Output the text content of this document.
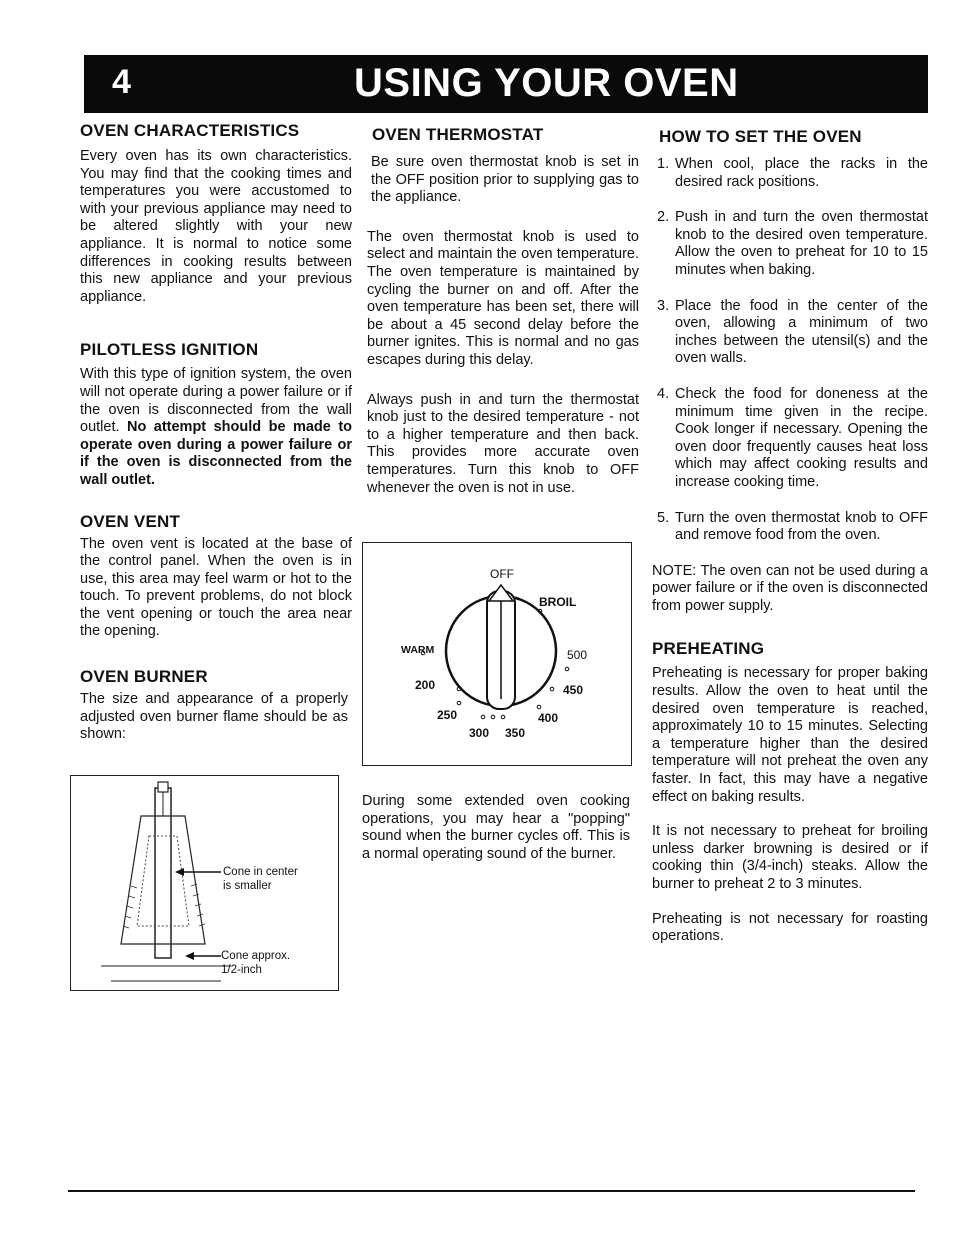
4	USING YOUR OVEN
OVEN CHARACTERISTICS

Every oven has its own characteristics. You may find that the cooking times and temperatures you were accustomed to with your previous appliance may need to be altered slightly with your new appliance. It is normal to notice some differences in cooking results between this new appliance and your previous appliance.

PILOTLESS IGNITION

With this type of ignition system, the oven will not operate during a power failure or if the oven is disconnected from the wall outlet. No attempt should be made to operate oven during a power failure or if the oven is disconnected from the wall outlet.

OVEN VENT

The oven vent is located at the base of the control panel. When the oven is in use, this area may feel warm or hot to the touch. To prevent problems, do not block the vent opening or touch the area near the opening.

OVEN BURNER

The size and appearance of a properly adjusted oven burner flame should be as shown:

Cone in center
is smaller
Cone approx.
1/2-inch
OVEN THERMOSTAT

Be sure oven thermostat knob is set in the OFF position prior to supplying gas to the appliance.

The oven thermostat knob is used to select and maintain the oven temperature. The oven temperature is maintained by cycling the burner on and off. After the oven temperature has been set, there will be about a 45 second delay before the burner ignites. This is normal and no gas escapes during this delay.

Always push in and turn the thermostat knob just to the desired temperature - not to a higher temperature and then back. This provides more accurate oven temperatures. Turn this knob to OFF whenever the oven is not in use.

OFF
BROIL
WARM	500
450
400
350
300
250
200

During some extended oven cooking operations, you may hear a "popping" sound when the burner cycles off. This is a normal operating sound of the burner.

HOW TO SET THE OVEN
1. When cool, place the racks in the desired rack positions.
2. Push in and turn the oven thermostat knob to the desired oven temperature. Allow the oven to preheat for 10 to 15 minutes when baking.
3. Place the food in the center of the oven, allowing a minimum of two inches between the utensil(s) and the oven walls.
4. Check the food for doneness at the minimum time given in the recipe. Cook longer if necessary. Opening the oven door frequently causes heat loss which may affect cooking results and increase cooking time.
5. Turn the oven thermostat knob to OFF and remove food from the oven.

NOTE: The oven can not be used during a power failure or if the oven is disconnected from power supply.

PREHEATING

Preheating is necessary for proper baking results. Allow the oven to heat until the desired oven temperature is reached, approximately 10 to 15 minutes. Selecting a temperature higher than the desired temperature will not preheat the oven any faster. In fact, this may have a negative effect on baking results.

It is not necessary to preheat for broiling unless darker browning is desired or if cooking thin (3/4-inch) steaks. Allow the burner to preheat 2 to 3 minutes.

Preheating is not necessary for roasting operations.
